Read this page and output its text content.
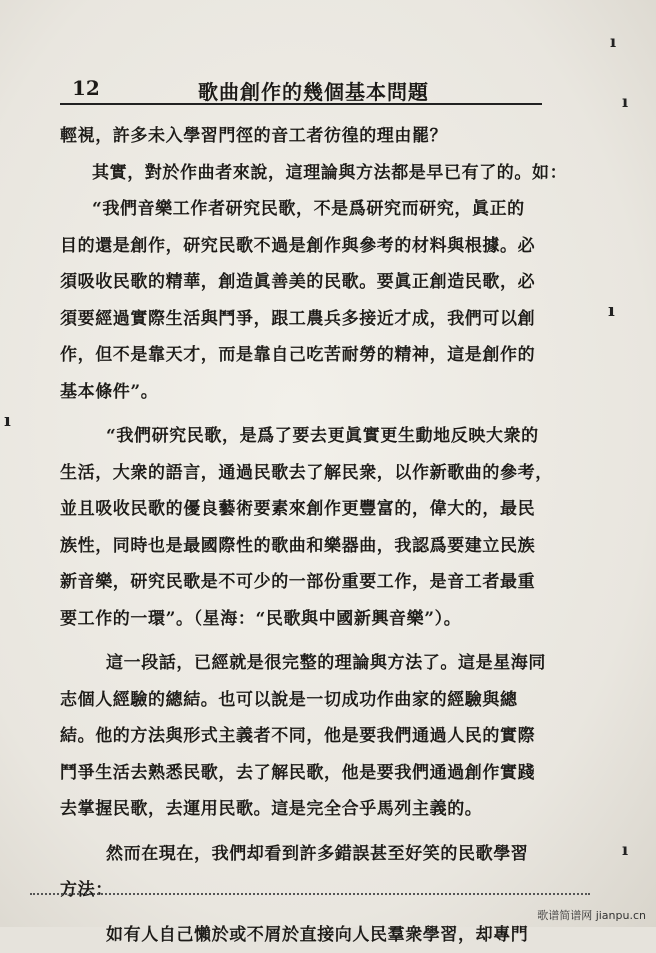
ı
ı
ı
ı
ı
12	歌曲創作的幾個基本問題
輕視，許多未入學習門徑的音工者彷徨的理由罷？
其實，對於作曲者來說，這理論與方法都是早已有了的。如：
“我們音樂工作者研究民歌，不是爲研究而研究，眞正的
目的還是創作，研究民歌不過是創作與參考的材料與根據。必
須吸收民歌的精華，創造眞善美的民歌。要眞正創造民歌，必
須要經過實際生活與鬥爭，跟工農兵多接近才成，我們可以創
作，但不是靠天才，而是靠自己吃苦耐勞的精神，這是創作的
基本條件”。
“我們研究民歌，是爲了要去更眞實更生動地反映大衆的
生活，大衆的語言，通過民歌去了解民衆，以作新歌曲的參考，
並且吸收民歌的優良藝術要素來創作更豐富的，偉大的，最民
族性，同時也是最國際性的歌曲和樂器曲，我認爲要建立民族
新音樂，研究民歌是不可少的一部份重要工作，是音工者最重
要工作的一環”。（星海：“民歌與中國新興音樂”）。
這一段話，已經就是很完整的理論與方法了。這是星海同
志個人經驗的總結。也可以說是一切成功作曲家的經驗與總
結。他的方法與形式主義者不同，他是要我們通過人民的實際
鬥爭生活去熟悉民歌，去了解民歌，他是要我們通過創作實踐
去掌握民歌，去運用民歌。這是完全合乎馬列主義的。
然而在現在，我們却看到許多錯誤甚至好笑的民歌學習
方法：
如有人自己懶於或不屑於直接向人民羣衆學習，却專門
歌谱简谱网 jianpu.cn
